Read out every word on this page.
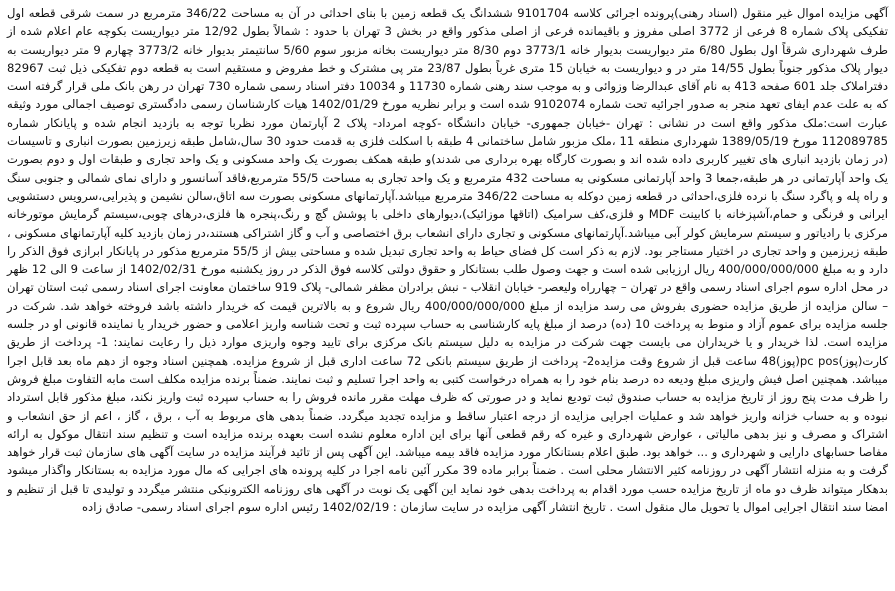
آگهی مزایده اموال غیر منقول (اسناد رهنی)پرونده اجرائی کلاسه 9101704 ششدانگ یک قطعه زمین با بنای احداثی در آن به مساحت 346/22 مترمربع در سمت شرقی قطعه اول تفکیکی پلاک شماره 8 فرعی از 3772 اصلی مفروز و باقیمانده فرعی از اصلی مذکور واقع در بخش 3 تهران با حدود : شمالاً بطول 12/92 متر دیواریست بکوچه عام اعلام شده از طرف شهرداری شرقاً اول بطول 6/80 متر دیواریست بدیوار خانه 3773/1 دوم 8/30 متر دیواریست بخانه مزبور سوم 5/60 سانتیمتر بدیوار خانه 3773/2 چهارم 9 متر دیواریست به دیوار پلاک مذکور جنوباً بطول 14/55 متر در و دیواریست به خیابان 15 متری غرباً بطول 23/87 متر پی مشترک و خط مفروض و مستقیم است به قطعه دوم تفکیکی ذیل ثبت 82967 دفتراملاک جلد 601 صفحه 413 به نام آقای عبدالرضا وزوائی و به موجب سند رهنی شماره 11730 و 10034 دفتر اسناد رسمی شماره 730 تهران در رهن بانک ملی قرار گرفته است که به علت عدم ایفای تعهد منجر به صدور اجرائیه تحت شماره 9102074 شده است و برابر نظریه مورخ 1402/01/29 هیات کارشناسان رسمی دادگستری توصیف اجمالی مورد وثیقه عبارت است:ملک مذکور واقع است در نشانی : تهران -خیابان جمهوری- خیابان دانشگاه -کوچه امرداد- پلاک 2 آپارتمان مورد نظربا توجه به بازدید انجام شده و پایانکار شماره 112089785 مورخ 1389/05/19 شهرداری منطقه 11 ،ملک مزبور شامل ساختمانی 4 طبقه با اسکلت فلزی به قدمت حدود 30 سال،شامل طبقه زیرزمین بصورت انباری و تاسیسات (در زمان بازدید انباری های تغییر کاربری داده شده اند و بصورت کارگاه بهره برداری می شدند)و طبقه همکف بصورت یک واحد مسکونی و یک واحد تجاری و طبقات اول و دوم بصورت یک واحد آپارتمانی در هر طبقه،جمعا 3 واحد آپارتمانی مسکونی به مساحت 432 مترمربع و یک واحد تجاری به مساحت 55/5 مترمربع،فاقد آسانسور و دارای نمای شمالی و جنوبی سنگ و راه پله و پاگرد سنگ با نرده فلزی،احداثی در قطعه زمین دوکله به مساحت 346/22 مترمربع میباشد.آپارتمانهای مسکونی بصورت سه اتاق،سالن نشیمن و پذیرایی،سرویس دستشویی ایرانی و فرنگی و حمام،آشپزخانه با کابینت MDF و فلزی،کف سرامیک (اتاقها موزائیک)،دیوارهای داخلی با پوشش گچ و رنگ،پنجره ها فلزی،درهای چوبی،سیستم گرمایش موتورخانه مرکزی با رادیاتور و سیستم سرمایش کولر آبی میباشد.آپارتمانهای مسکونی و تجاری دارای انشعاب برق اختصاصی و آب و گاز اشتراکی هستند،در زمان بازدید کلیه آپارتمانهای مسکونی ، طبقه زیرزمین و واحد تجاری در اختیار مستاجر بود. لازم به ذکر است کل فضای حیاط به واحد تجاری تبدیل شده و مساحتی بیش از 55/5 مترمربع مذکور در پایانکار ابرازی فوق الذکر را دارد و به مبلغ 400/000/000/000 ریال ارزیابی شده است و جهت وصول طلب بستانکار و حقوق دولتی کلاسه فوق الذکر در روز یکشنبه مورخ 1402/02/31 از ساعت 9 الی 12 ظهر در محل اداره سوم اجرای اسناد رسمی واقع در تهران – چهارراه ولیعصر- خیابان انقلاب - نبش برادران مظفر شمالی- پلاک 919 ساختمان معاونت اجرای اسناد رسمی ثبت استان تهران – سالن مزایده از طریق مزایده حضوری بفروش می رسد مزایده از مبلغ 400/000/000/000 ریال شروع و به بالاترین قیمت که خریدار داشته باشد فروخته خواهد شد. شرکت در جلسه مزایده برای عموم آزاد و منوط به پرداخت 10 (ده) درصد از مبلغ پایه کارشناسی به حساب سپرده ثبت و تحت شناسه واریز اعلامی و حضور خریدار یا نماینده قانونی او در جلسه مزایده است. لذا خریدار و یا خریداران می بایست جهت شرکت در مزایده به دلیل سیستم بانک مرکزی برای تایید وجوه واریزی موارد ذیل را رعایت نمایند: 1- پرداخت از طریق کارت(پوز)pc pos(پوز)48 ساعت قبل از شروع وقت مزایده2- پرداخت از طریق سیستم بانکی 72 ساعت اداری قبل از شروع مزایده. همچنین اسناد وجوه از دهم ماه بعد قابل اجرا میباشد. همچنین اصل فیش واریزی مبلغ ودیعه ده درصد بنام خود را به همراه درخواست کتبی به واحد اجرا تسلیم و ثبت نمایند. ضمناً برنده مزایده مکلف است مابه التفاوت مبلغ فروش را ظرف مدت پنج روز از تاریخ مزایده به حساب صندوق ثبت تودیع نماید و در صورتی که ظرف مهلت مقرر مانده فروش را به حساب سپرده ثبت واریز نکند، مبلغ مذکور قابل استرداد نبوده و به حساب خزانه واریز خواهد شد و عملیات اجرایی مزایده از درجه اعتبار ساقط و مزایده تجدید میگردد. ضمناً بدهی های مربوط به آب ، برق ، گاز ، اعم از حق انشعاب و اشتراک و مصرف و نیز بدهی مالیاتی ، عوارض شهرداری و غیره که رقم قطعی آنها برای این اداره معلوم نشده است بعهده برنده مزایده است و تنظیم سند انتقال موکول به ارائه مفاصا حسابهای دارایی و شهرداری و ... خواهد بود. طبق اعلام بستانکار مورد مزایده فاقد بیمه میباشد. این آگهی پس از تائید فرآیند مزایده در سایت آگهی های سازمان ثبت قرار خواهد گرفت و به منزله انتشار آگهی در روزنامه کثیر الانتشار محلی است . ضمناً برابر ماده 39 مکرر آئین نامه اجرا در کلیه پرونده های اجرایی که مال مورد مزایده به بستانکار واگذار میشود بدهکار میتواند ظرف دو ماه از تاریخ مزایده حسب مورد اقدام به پرداخت بدهی خود نماید این آگهی یک نوبت در آگهی های روزنامه الکترونیکی منتشر میگردد و تولیدی تا قبل از تنظیم و امضا سند انتقال اجرایی اموال یا تحویل مال منقول است . تاریخ انتشار آگهی مزایده در سایت سازمان : 1402/02/19 رئیس اداره سوم اجرای اسناد رسمی- صادق زاده
